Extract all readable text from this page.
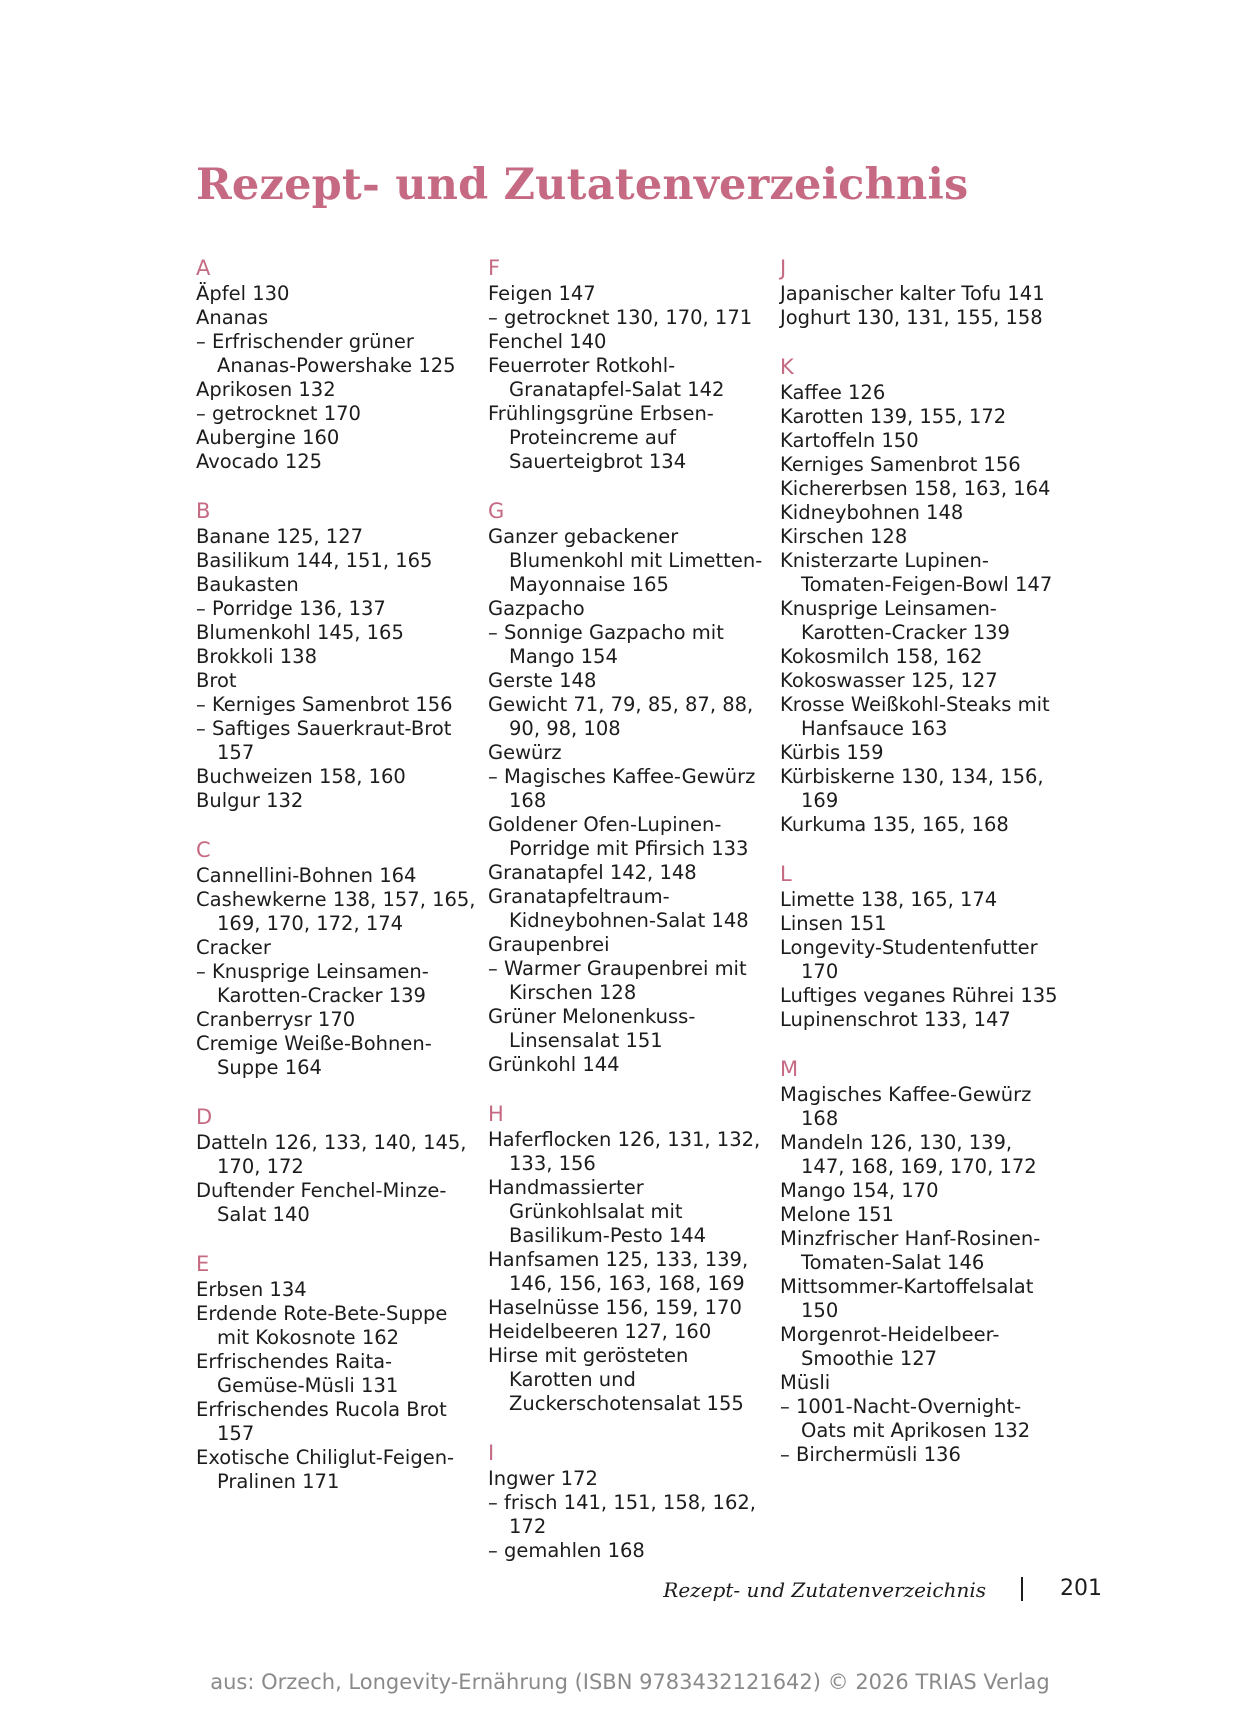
Rezept- und Zutatenverzeichnis
A
Äpfel 130
Ananas
– Erfrischender grüner Ananas-Powershake 125
Aprikosen 132
– getrocknet 170
Aubergine 160
Avocado 125
B
Banane 125, 127
Basilikum 144, 151, 165
Baukasten
– Porridge 136, 137
Blumenkohl 145, 165
Brokkoli 138
Brot
– Kerniges Samenbrot 156
– Saftiges Sauerkraut-Brot 157
Buchweizen 158, 160
Bulgur 132
C
Cannellini-Bohnen 164
Cashewkerne 138, 157, 165, 169, 170, 172, 174
Cracker
– Knusprige Leinsamen-Karotten-Cracker 139
Cranberrysr 170
Cremige Weiße-Bohnen-Suppe 164
D
Datteln 126, 133, 140, 145, 170, 172
Duftender Fenchel-Minze-Salat 140
E
Erbsen 134
Erdende Rote-Bete-Suppe mit Kokosnote 162
Erfrischendes Raita-Gemüse-Müsli 131
Erfrischendes Rucola Brot 157
Exotische Chiliglut-Feigen-Pralinen 171
F
Feigen 147
– getrocknet 130, 170, 171
Fenchel 140
Feuerroter Rotkohl-Granatapfel-Salat 142
Frühlingsgrüne Erbsen-Proteincreme auf Sauerteigbrot 134
G
Ganzer gebackener Blumenkohl mit Limetten-Mayonnaise 165
Gazpacho
– Sonnige Gazpacho mit Mango 154
Gerste 148
Gewicht 71, 79, 85, 87, 88, 90, 98, 108
Gewürz
– Magisches Kaffee-Gewürz 168
Goldener Ofen-Lupinen-Porridge mit Pfirsich 133
Granatapfel 142, 148
Granatapfeltraum-Kidneybohnen-Salat 148
Graupenbrei
– Warmer Graupenbrei mit Kirschen 128
Grüner Melonenkuss-Linsensalat 151
Grünkohl 144
H
Haferflocken 126, 131, 132, 133, 156
Handmassierter Grünkohlsalat mit Basilikum-Pesto 144
Hanfsamen 125, 133, 139, 146, 156, 163, 168, 169
Haselnüsse 156, 159, 170
Heidelbeeren 127, 160
Hirse mit gerösteten Karotten und Zuckerschotensalat 155
I
Ingwer 172
– frisch 141, 151, 158, 162, 172
– gemahlen 168
J
Japanischer kalter Tofu 141
Joghurt 130, 131, 155, 158
K
Kaffee 126
Karotten 139, 155, 172
Kartoffeln 150
Kerniges Samenbrot 156
Kichererbsen 158, 163, 164
Kidneybohnen 148
Kirschen 128
Knisterzarte Lupinen-Tomaten-Feigen-Bowl 147
Knusprige Leinsamen-Karotten-Cracker 139
Kokosmilch 158, 162
Kokoswasser 125, 127
Krosse Weißkohl-Steaks mit Hanfsauce 163
Kürbis 159
Kürbiskerne 130, 134, 156, 169
Kurkuma 135, 165, 168
L
Limette 138, 165, 174
Linsen 151
Longevity-Studentenfutter 170
Luftiges veganes Rührei 135
Lupinenschrot 133, 147
M
Magisches Kaffee-Gewürz 168
Mandeln 126, 130, 139, 147, 168, 169, 170, 172
Mango 154, 170
Melone 151
Minzfrischer Hanf-Rosinen-Tomaten-Salat 146
Mittsommer-Kartoffelsalat 150
Morgenrot-Heidelbeer-Smoothie 127
Müsli
– 1001-Nacht-Overnight-Oats mit Aprikosen 132
– Birchermüsli 136
Rezept- und Zutatenverzeichnis	201
aus: Orzech, Longevity-Ernährung (ISBN 9783432121642) © 2026 TRIAS Verlag
